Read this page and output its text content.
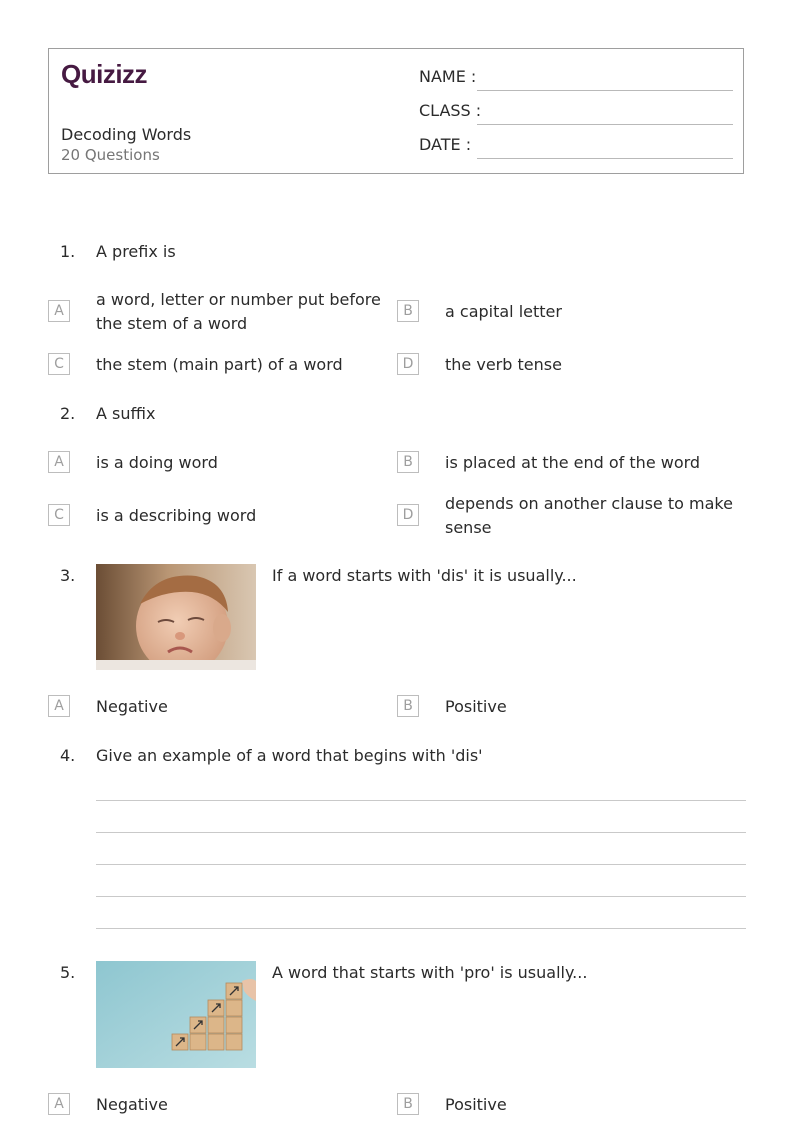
Quizizz
Decoding Words
20 Questions
NAME :
CLASS :
DATE :
1. A prefix is
A
a word, letter or number put before the stem of a word
B	a capital letter
C	the stem (main part) of a word	D	the verb tense
2. A suffix
A	is a doing word	B	is placed at the end of the word
C	is a describing word	D
depends on another clause to make sense
3.	If a word starts with 'dis' it is usually...
A	Negative	B	Positive
4. Give an example of a word that begins with 'dis'
5.	A word that starts with 'pro' is usually...
A	Negative	B	Positive
